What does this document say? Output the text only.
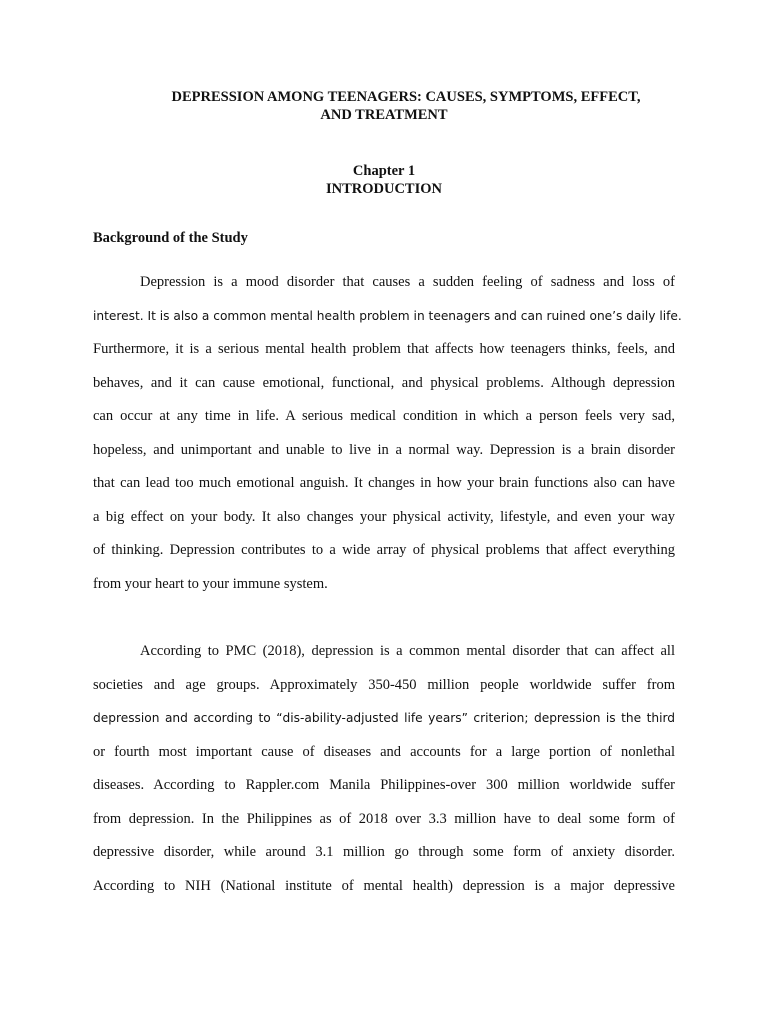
DEPRESSION AMONG TEENAGERS: CAUSES, SYMPTOMS, EFFECT,
AND TREATMENT
Chapter 1
INTRODUCTION
Background of the Study
Depression is a mood disorder that causes a sudden feeling of sadness and loss of
interest. It is also a common mental health problem in teenagers and can ruined one’s daily life.
Furthermore, it is a serious mental health problem that affects how teenagers thinks, feels, and
behaves, and it can cause emotional, functional, and physical problems. Although depression
can occur at any time in life. A serious medical condition in which a person feels very sad,
hopeless, and unimportant and unable to live in a normal way. Depression is a brain disorder
that can lead too much emotional anguish. It changes in how your brain functions also can have
a big effect on your body. It also changes your physical activity, lifestyle, and even your way
of thinking. Depression contributes to a wide array of physical problems that affect everything
from your heart to your immune system.
According to PMC (2018), depression is a common mental disorder that can affect all
societies and age groups. Approximately 350-450 million people worldwide suffer from
depression and according to “dis-ability-adjusted life years” criterion; depression is the third
or fourth most important cause of diseases and accounts for a large portion of nonlethal
diseases. According to Rappler.com Manila Philippines-over 300 million worldwide suffer
from depression. In the Philippines as of 2018 over 3.3 million have to deal some form of
depressive disorder, while around 3.1 million go through some form of anxiety disorder.
According to NIH (National institute of mental health) depression is a major depressive
